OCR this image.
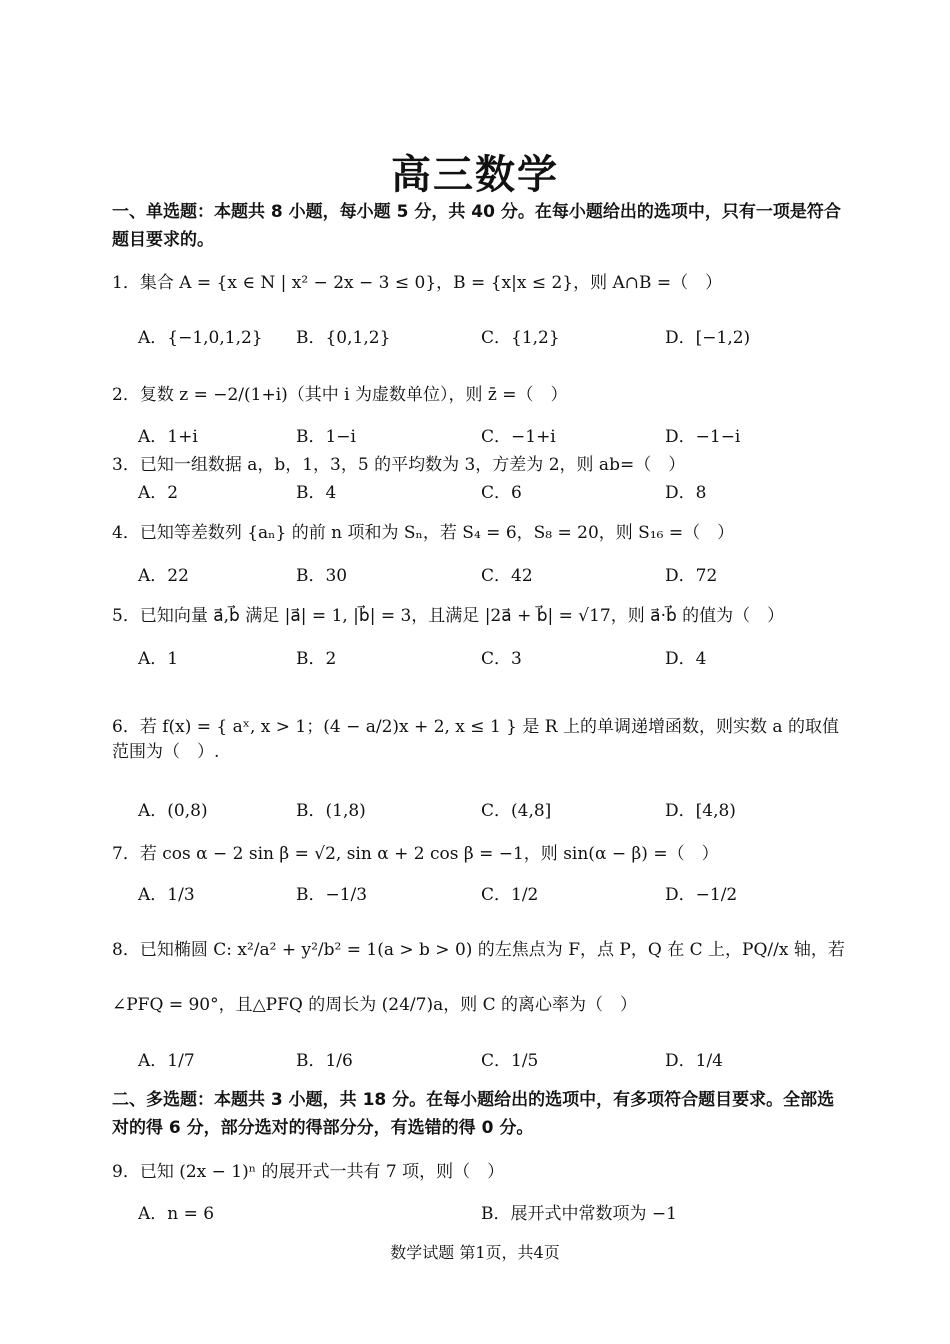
高三数学
一、单选题：本题共 8 小题，每小题 5 分，共 40 分。在每小题给出的选项中，只有一项是符合题目要求的。
1．集合 A = {x ∈ N | x² − 2x − 3 ≤ 0}，B = {x|x ≤ 2}，则 A∩B =（　）
A．{−1,0,1,2} B．{0,1,2}	C．{1,2}	D．[−1,2)
2．复数 z = −2/(1+i)（其中 i 为虚数单位），则 z̄ =（　）
A．1+i	B．1−i	C．−1+i	D．−1−i
3．已知一组数据 a，b，1，3，5 的平均数为 3，方差为 2，则 ab=（　）
A．2	B．4	C．6	D．8
4．已知等差数列 {aₙ} 的前 n 项和为 Sₙ，若 S₄ = 6，S₈ = 20，则 S₁₆ =（　）
A．22	B．30	C．42	D．72
5．已知向量 a⃗,b⃗ 满足 |a⃗| = 1, |b⃗| = 3，且满足 |2a⃗ + b⃗| = √17，则 a⃗·b⃗ 的值为（　）
A．1	B．2	C．3	D．4
6．若 f(x) = { aˣ, x > 1；(4 − a/2)x + 2, x ≤ 1 } 是 R 上的单调递增函数，则实数 a 的取值范围为（　）.
A．(0,8)	B．(1,8)	C．(4,8]	D．[4,8)
7．若 cos α − 2 sin β = √2, sin α + 2 cos β = −1，则 sin(α − β) =（　）
A．1/3	B．−1/3	C．1/2	D．−1/2
8．已知椭圆 C: x²/a² + y²/b² = 1(a > b > 0) 的左焦点为 F，点 P，Q 在 C 上，PQ//x 轴，若
∠PFQ = 90°，且△PFQ 的周长为 (24/7)a，则 C 的离心率为（　）
A．1/7	B．1/6	C．1/5	D．1/4
二、多选题：本题共 3 小题，共 18 分。在每小题给出的选项中，有多项符合题目要求。全部选对的得 6 分，部分选对的得部分分，有选错的得 0 分。
9．已知 (2x − 1)ⁿ 的展开式一共有 7 项，则（　）
A．n = 6	B．展开式中常数项为 −1
数学试题 第1页，共4页
